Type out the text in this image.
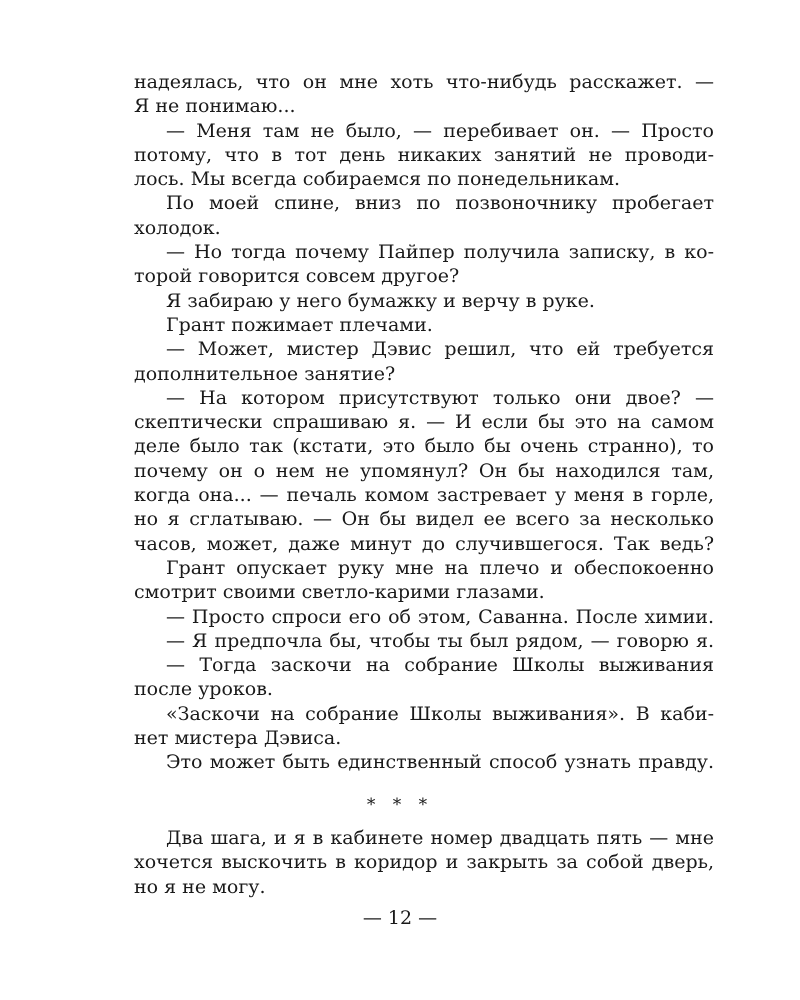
надеялась, что он мне хоть что-нибудь расскажет. —
Я не понимаю...
— Меня там не было, — перебивает он. — Просто
потому, что в тот день никаких занятий не проводи-
лось. Мы всегда собираемся по понедельникам.
По моей спине, вниз по позвоночнику пробегает
холодок.
— Но тогда почему Пайпер получила записку, в ко-
торой говорится совсем другое?
Я забираю у него бумажку и верчу в руке.
Грант пожимает плечами.
— Может, мистер Дэвис решил, что ей требуется
дополнительное занятие?
— На котором присутствуют только они двое? —
скептически спрашиваю я. — И если бы это на самом
деле было так (кстати, это было бы очень странно), то
почему он о нем не упомянул? Он бы находился там,
когда она... — печаль комом застревает у меня в горле,
но я сглатываю. — Он бы видел ее всего за несколько
часов, может, даже минут до случившегося. Так ведь?
Грант опускает руку мне на плечо и обеспокоенно
смотрит своими светло-карими глазами.
— Просто спроси его об этом, Саванна. После химии.
— Я предпочла бы, чтобы ты был рядом, — говорю я.
— Тогда заскочи на собрание Школы выживания
после уроков.
«Заскочи на собрание Школы выживания». В каби-
нет мистера Дэвиса.
Это может быть единственный способ узнать правду.
* * *
Два шага, и я в кабинете номер двадцать пять — мне
хочется выскочить в коридор и закрыть за собой дверь,
но я не могу.
— 12 —
